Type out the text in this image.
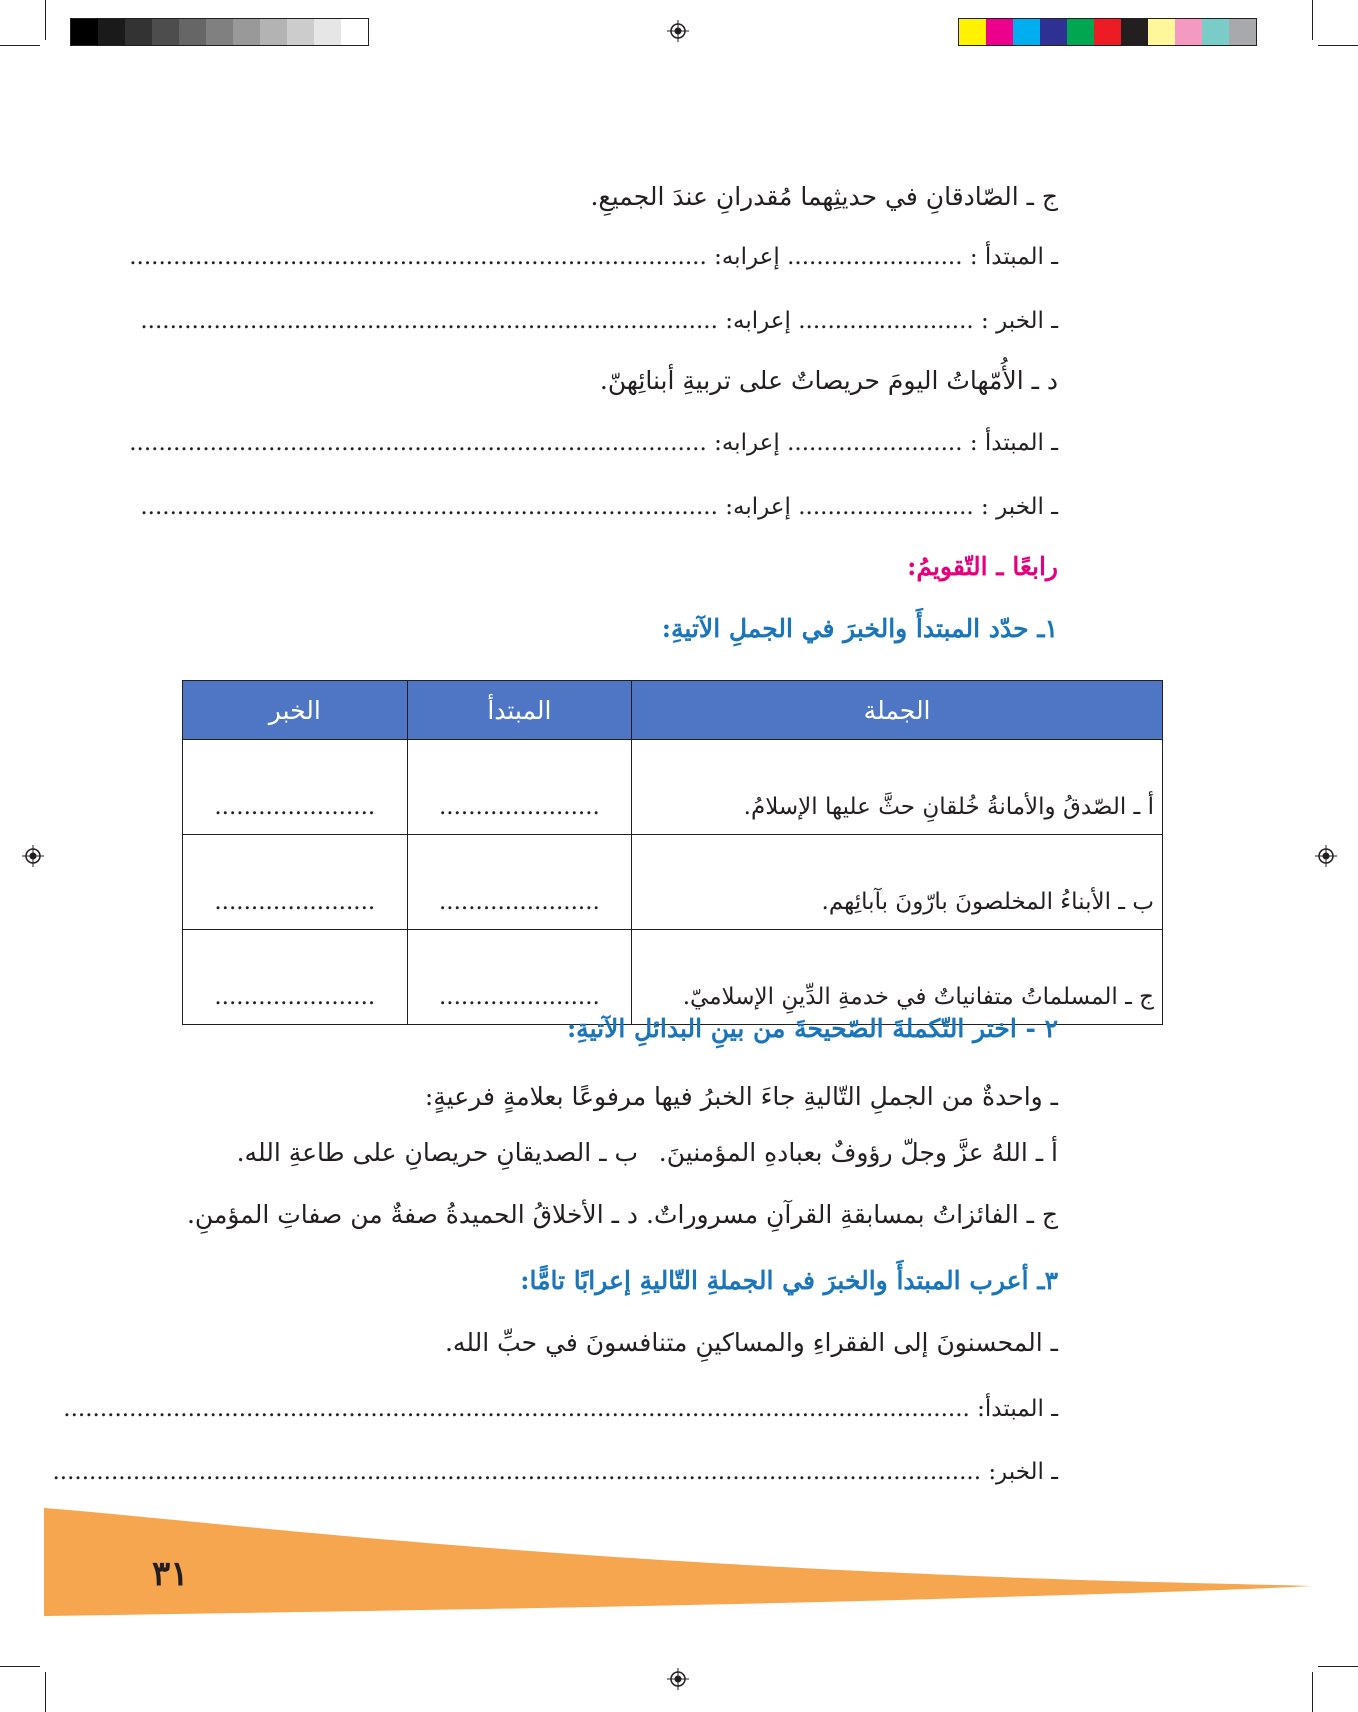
ج ـ الصّادقانِ في حديثِهما مُقدرانِ عندَ الجميعِ.
ـ المبتدأ : ........................ إعرابه: ...............................................................................
ـ الخبر : ........................ إعرابه: ...............................................................................
د ـ الأُمّهاتُ اليومَ حريصاتٌ على تربيةِ أبنائِهنّ.
ـ المبتدأ : ........................ إعرابه: ...............................................................................
ـ الخبر : ........................ إعرابه: ...............................................................................
رابعًا ـ التّقويمُ:
١ـ حدّد المبتدأَ والخبرَ في الجملِ الآتيةِ:
الجملة	المبتدأ	الخبر
أ ـ الصّدقُ والأمانةُ خُلقانِ حثَّ عليها الإسلامُ.	......................	......................
ب ـ الأبناءُ المخلصونَ بارّونَ بآبائِهم.	......................	......................
ج ـ المسلماتُ متفانياتٌ في خدمةِ الدِّينِ الإسلاميّ.	......................	......................
٢ - اختر التّكملةَ الصّحيحةَ من بينِ البدائلِ الآتيةِ:
ـ واحدةٌ من الجملِ التّاليةِ جاءَ الخبرُ فيها مرفوعًا بعلامةٍ فرعيةٍ:
أ ـ اللهُ عزَّ وجلّ رؤوفٌ بعبادهِ المؤمنينَ.
ب ـ الصديقانِ حريصانِ على طاعةِ الله.
ج ـ الفائزاتُ بمسابقةِ القرآنِ مسروراتٌ.
د ـ الأخلاقُ الحميدةُ صفةٌ من صفاتِ المؤمنِ.
٣ـ أعرب المبتدأَ والخبرَ في الجملةِ التّاليةِ إعرابًا تامًّا:
ـ المحسنونَ إلى الفقراءِ والمساكينِ متنافسونَ في حبِّ الله.
ـ المبتدأ: ............................................................................................................................
ـ الخبر: ...............................................................................................................................
٣١
